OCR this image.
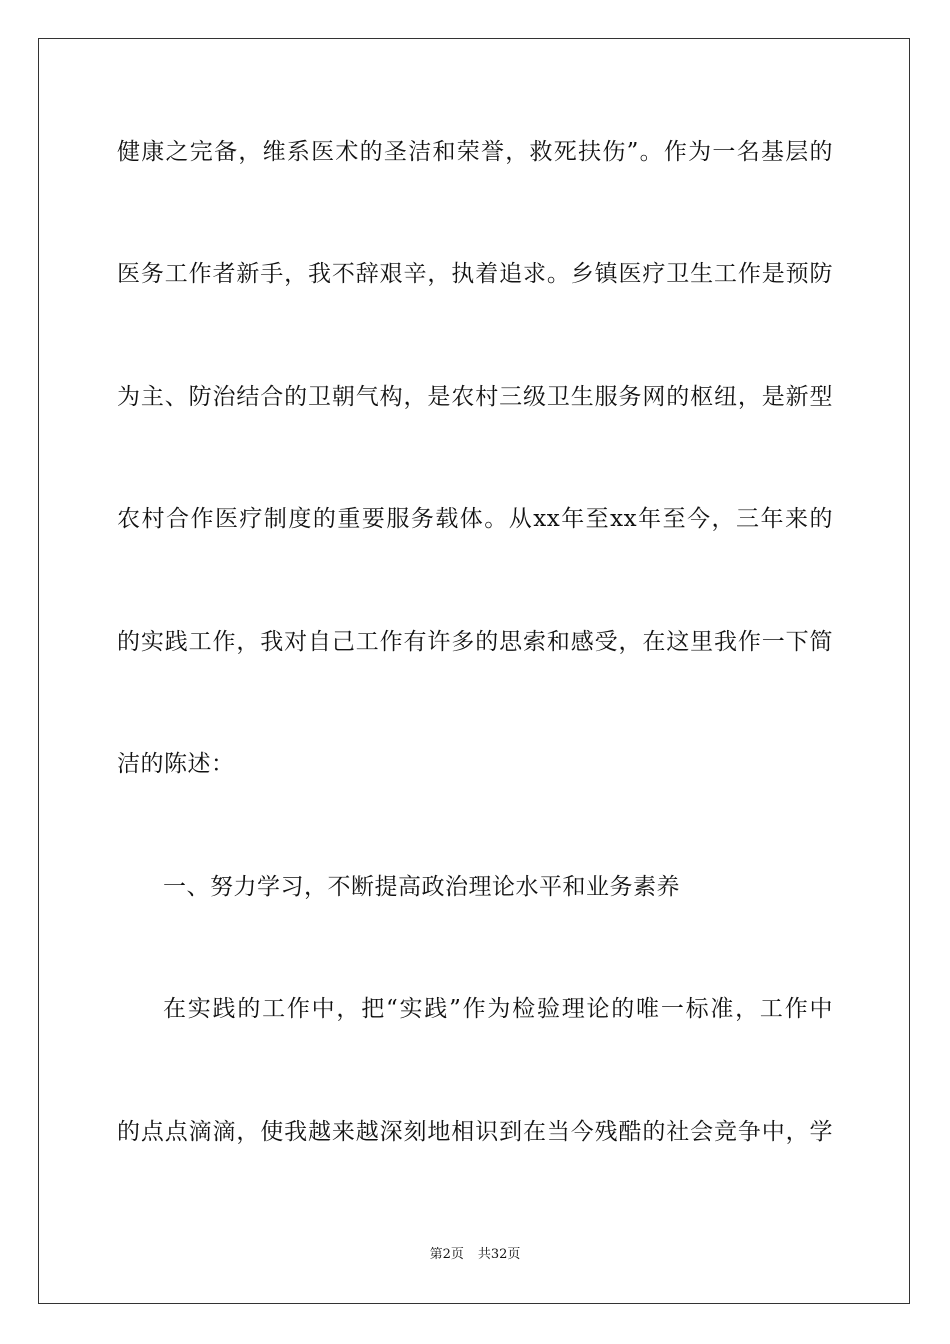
健康之完备，维系医术的圣洁和荣誉，救死扶伤”。作为一名基层的
医务工作者新手，我不辞艰辛，执着追求。乡镇医疗卫生工作是预防
为主、防治结合的卫朝气构，是农村三级卫生服务网的枢纽，是新型
农村合作医疗制度的重要服务载体。从xx年至xx年至今，三年来的
的实践工作，我对自己工作有许多的思索和感受，在这里我作一下简
洁的陈述：
一、努力学习，不断提高政治理论水平和业务素养
在实践的工作中，把“实践”作为检验理论的唯一标准，工作中
的点点滴滴，使我越来越深刻地相识到在当今残酷的社会竞争中，学
第2页 共32页
